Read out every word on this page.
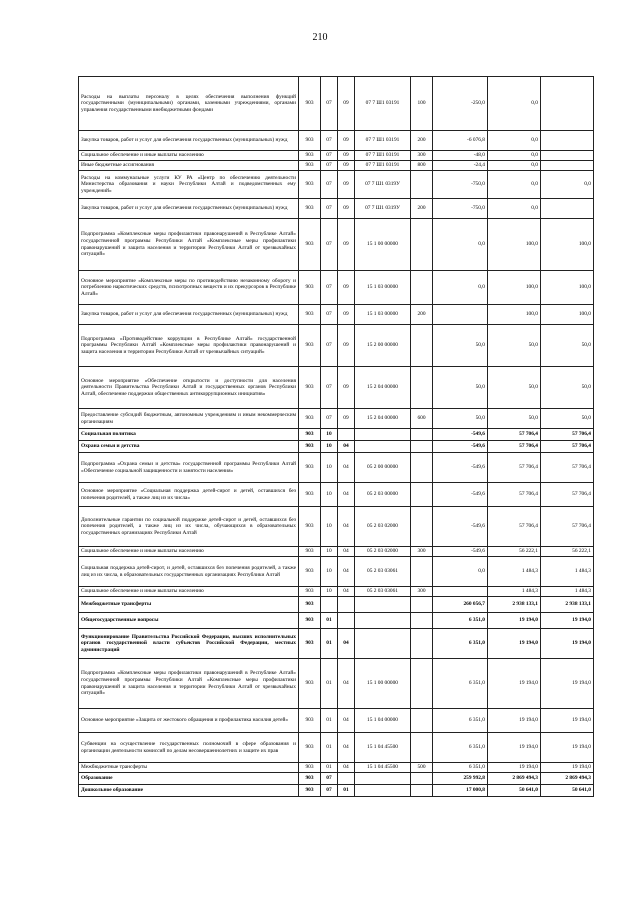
210
Расходы на выплаты персоналу в целях обеспечения выполнения функций государственными (муниципальными) органами, казенными учреждениями, органами управления государственными внебюджетными фондами	903	07	09	07 7 Ш1 03191	100	-250,0	0,0	
Закупка товаров, работ и услуг для обеспечения государственных (муниципальных) нужд	903	07	09	07 7 Ш1 03191	200	-6 076,8	0,0	
Социальное обеспечение и иные выплаты населению	903	07	09	07 7 Ш1 03191	300	-48,0	0,0	
Иные бюджетные ассигнования	903	07	09	07 7 Ш1 03191	800	-24,4	0,0	
Расходы на коммунальные услуги КУ РА «Центр по обеспечению деятельности Министерства образования и науки Республики Алтай и подведомственных ему учреждений»	903	07	09	07 7 Ш1 0319У		-750,0	0,0	0,0
Закупка товаров, работ и услуг для обеспечения государственных (муниципальных) нужд	903	07	09	07 7 Ш1 0319У	200	-750,0	0,0	
Подпрограмма «Комплексные меры профилактики правонарушений в Республике Алтай» государственной программы Республики Алтай «Комплексные меры профилактики правонарушений и защита населения и территории Республики Алтай от чрезвычайных ситуаций»	903	07	09	15 1 00 00000		0,0	100,0	100,0
Основное мероприятие «Комплексные меры по противодействию незаконному обороту и потреблению наркотических средств, психотропных веществ и их прекурсоров в Республике Алтай»	903	07	09	15 1 03 00000		0,0	100,0	100,0
Закупка товаров, работ и услуг для обеспечения государственных (муниципальных) нужд	903	07	09	15 1 03 00000	200		100,0	100,0
Подпрограмма «Противодействие коррупции в Республике Алтай» государственной программы Республики Алтай «Комплексные меры профилактики правонарушений и защита населения и территории Республики Алтай от чрезвычайных ситуаций»	903	07	09	15 2 00 00000		50,0	50,0	50,0
Основное мероприятие «Обеспечение открытости и доступности для населения деятельности Правительства Республики Алтай и государственных органов Республики Алтай, обеспечение поддержки общественных антикоррупционных инициатив»	903	07	09	15 2 04 00000		50,0	50,0	50,0
Предоставление субсидий бюджетным, автономным учреждениям и иным некоммерческим организациям	903	07	09	15 2 04 00000	600	50,0	50,0	50,0
Социальная политика	903	10				-549,6	57 706,4	57 706,4
Охрана семьи и детства	903	10	04			-549,6	57 706,4	57 706,4
Подпрограмма «Охрана семьи и детства» государственной программы Республики Алтай «Обеспечение социальной защищенности и занятости населения»	903	10	04	05 2 00 00000		-549,6	57 706,4	57 706,4
Основное мероприятие «Социальная поддержка детей-сирот и детей, оставшихся без попечения родителей, а также лиц из их числа»	903	10	04	05 2 03 00000		-549,6	57 706,4	57 706,4
Дополнительные гарантии по социальной поддержке детей-сирот и детей, оставшихся без попечения родителей, а также лиц из их числа, обучающихся в образовательных государственных организациях Республики Алтай	903	10	04	05 2 03 02000		-549,6	57 706,4	57 706,4
Социальное обеспечение и иные выплаты населению	903	10	04	05 2 03 02000	300	-549,6	56 222,1	56 222,1
Социальная поддержка детей-сирот, и детей, оставшихся без попечения родителей, а также лиц из их числа, в образовательных государственных организациях Республики Алтай	903	10	04	05 2 03 03061		0,0	1 484,3	1 484,3
Социальное обеспечение и иные выплаты населению	903	10	04	05 2 03 03061	300		1 484,3	1 484,3
Межбюджетные трансферты	903					260 056,7	2 938 133,1	2 938 133,1
Общегосударственные вопросы	903	01				6 351,0	19 194,0	19 194,0
Функционирование Правительства Российской Федерации, высших исполнительных органов государственной власти субъектов Российской Федерации, местных администраций	903	01	04			6 351,0	19 194,0	19 194,0
Подпрограмма «Комплексные меры профилактики правонарушений в Республике Алтай» государственной программы Республики Алтай «Комплексные меры профилактики правонарушений и защита населения и территории Республики Алтай от чрезвычайных ситуаций»	903	01	04	15 1 00 00000		6 351,0	19 194,0	19 194,0
Основное мероприятие «Защита от жестокого обращения и профилактика насилия детей»	903	01	04	15 1 04 00000		6 351,0	19 194,0	19 194,0
Субвенции на осуществление государственных полномочий в сфере образования и организации деятельности комиссий по делам несовершеннолетних и защите их прав	903	01	04	15 1 04 45500		6 351,0	19 194,0	19 194,0
Межбюджетные трансферты	903	01	04	15 1 04 45500	500	6 351,0	19 194,0	19 194,0
Образование	903	07				259 992,8	2 869 494,3	2 869 494,3
Дошкольное образование	903	07	01			17 000,8	50 641,0	50 641,0
